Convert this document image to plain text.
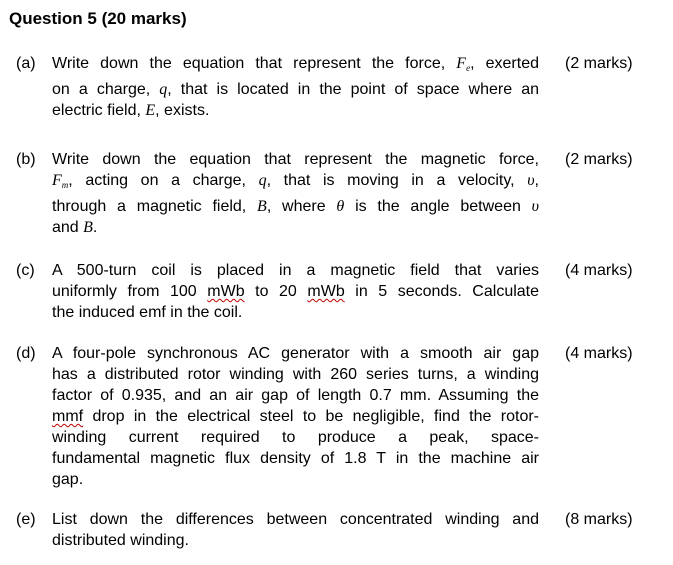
Question 5 (20 marks)
(a) Write down the equation that represent the force, $F_e$, exerted
on a charge, q, that is located in the point of space where an
electric field, E, exists.
(2 marks)
(b) Write down the equation that represent the magnetic force,
$F_m$, acting on a charge, q, that is moving in a velocity, υ,
through a magnetic field, B, where θ is the angle between υ
and B.
(2 marks)
(c) A 500-turn coil is placed in a magnetic field that varies
uniformly from 100 mWb to 20 mWb in 5 seconds. Calculate
the induced emf in the coil.
(4 marks)
(d) A four-pole synchronous AC generator with a smooth air gap
has a distributed rotor winding with 260 series turns, a winding
factor of 0.935, and an air gap of length 0.7 mm. Assuming the
mmf drop in the electrical steel to be negligible, find the rotor-
winding current required to produce a peak, space-
fundamental magnetic flux density of 1.8 T in the machine air
gap.
(4 marks)
(e) List down the differences between concentrated winding and
distributed winding.
(8 marks)
